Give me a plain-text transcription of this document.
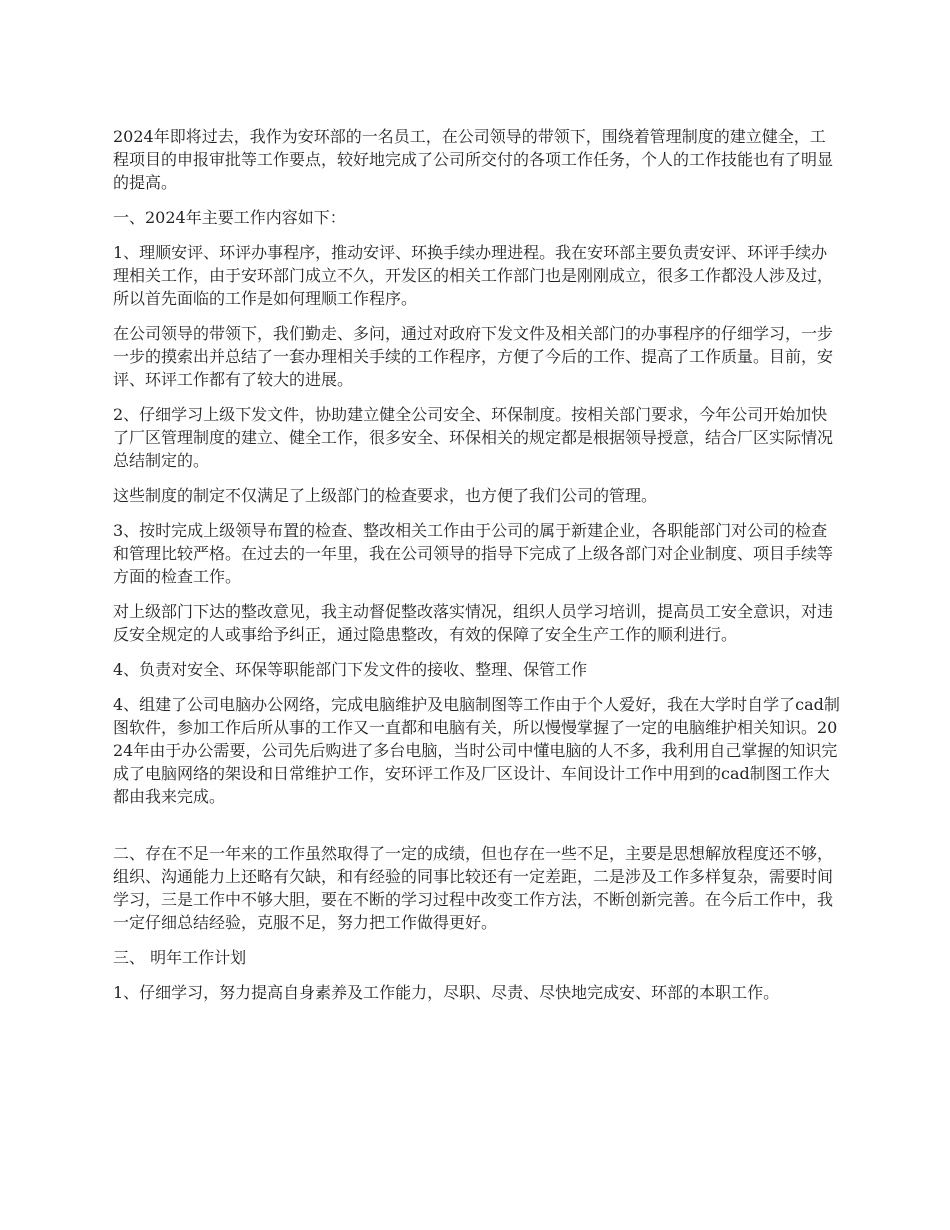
2024年即将过去，我作为安环部的一名员工，在公司领导的带领下，围绕着管理制度的建立健全，工程项目的申报审批等工作要点，较好地完成了公司所交付的各项工作任务，个人的工作技能也有了明显的提高。

一、2024年主要工作内容如下：

1、理顺安评、环评办事程序，推动安评、环换手续办理进程。我在安环部主要负责安评、环评手续办理相关工作，由于安环部门成立不久，开发区的相关工作部门也是刚刚成立，很多工作都没人涉及过，所以首先面临的工作是如何理顺工作程序。

在公司领导的带领下，我们勤走、多问，通过对政府下发文件及相关部门的办事程序的仔细学习，一步一步的摸索出并总结了一套办理相关手续的工作程序，方便了今后的工作、提高了工作质量。目前，安评、环评工作都有了较大的进展。

2、仔细学习上级下发文件，协助建立健全公司安全、环保制度。按相关部门要求，今年公司开始加快了厂区管理制度的建立、健全工作，很多安全、环保相关的规定都是根据领导授意，结合厂区实际情况总结制定的。

这些制度的制定不仅满足了上级部门的检查要求，也方便了我们公司的管理。

3、按时完成上级领导布置的检查、整改相关工作由于公司的属于新建企业，各职能部门对公司的检查和管理比较严格。在过去的一年里，我在公司领导的指导下完成了上级各部门对企业制度、项目手续等方面的检查工作。

对上级部门下达的整改意见，我主动督促整改落实情况，组织人员学习培训，提高员工安全意识，对违反安全规定的人或事给予纠正，通过隐患整改，有效的保障了安全生产工作的顺利进行。

4、负责对安全、环保等职能部门下发文件的接收、整理、保管工作

4、组建了公司电脑办公网络，完成电脑维护及电脑制图等工作由于个人爱好，我在大学时自学了cad制图软件，参加工作后所从事的工作又一直都和电脑有关，所以慢慢掌握了一定的电脑维护相关知识。2024年由于办公需要，公司先后购进了多台电脑，当时公司中懂电脑的人不多，我利用自己掌握的知识完成了电脑网络的架设和日常维护工作，安环评工作及厂区设计、车间设计工作中用到的cad制图工作大都由我来完成。

二、存在不足一年来的工作虽然取得了一定的成绩，但也存在一些不足，主要是思想解放程度还不够，组织、沟通能力上还略有欠缺，和有经验的同事比较还有一定差距，二是涉及工作多样复杂，需要时间学习，三是工作中不够大胆，要在不断的学习过程中改变工作方法，不断创新完善。在今后工作中，我一定仔细总结经验，克服不足，努力把工作做得更好。

三、 明年工作计划

1、仔细学习，努力提高自身素养及工作能力，尽职、尽责、尽快地完成安、环部的本职工作。
